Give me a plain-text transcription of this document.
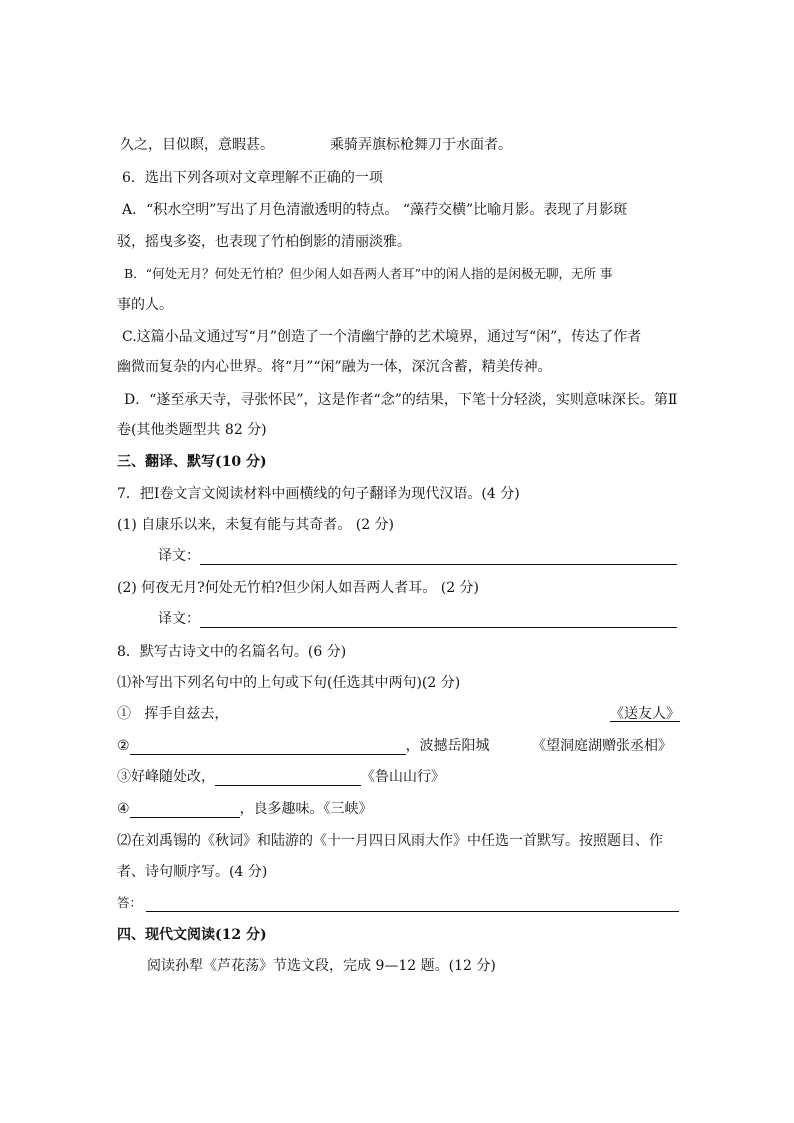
久之，目似瞑，意暇甚。	乘骑弄旗标枪舞刀于水面者。
6．选出下列各项对文章理解不正确的一项
A．“积水空明”写出了月色清澈透明的特点。 “藻荇交横”比喻月影。表现了月影斑
驳，摇曳多姿，也表现了竹柏倒影的清丽淡雅。
B．“何处无月？何处无竹柏？但少闲人如吾两人者耳”中的闲人指的是闲极无聊，无所 事
事的人。
C.这篇小品文通过写“月”创造了一个清幽宁静的艺术境界，通过写“闲”，传达了作者
幽微而复杂的内心世界。将“月”“闲”融为一体，深沉含蓄，精美传神。
D．“遂至承天寺，寻张怀民”，这是作者“念”的结果，下笔十分轻淡，实则意味深长。第Ⅱ
卷(其他类题型共 82 分)
三、翻译、默写(10 分)
7．把Ⅰ卷文言文阅读材料中画横线的句子翻译为现代汉语。(4 分)
(1) 自康乐以来，未复有能与其奇者。 (2 分)
译文：
(2) 何夜无月?何处无竹柏?但少闲人如吾两人者耳。 (2 分)
译文：
8．默写古诗文中的名篇名句。(6 分)
⑴补写出下列名句中的上句或下句(任选其中两句)(2 分)
① 挥手自兹去，	《送友人》
②	，波撼岳阳城	《望洞庭湖赠张丞相》
③好峰随处改，	《鲁山山行》
④	，良多趣味。《三峡》
⑵在刘禹锡的《秋词》和陆游的《十一月四日风雨大作》中任选一首默写。按照题目、作
者、诗句顺序写。(4 分)
答：
四、现代文阅读(12 分)
阅读孙犁《芦花荡》节选文段，完成 9—12 题。(12 分)
